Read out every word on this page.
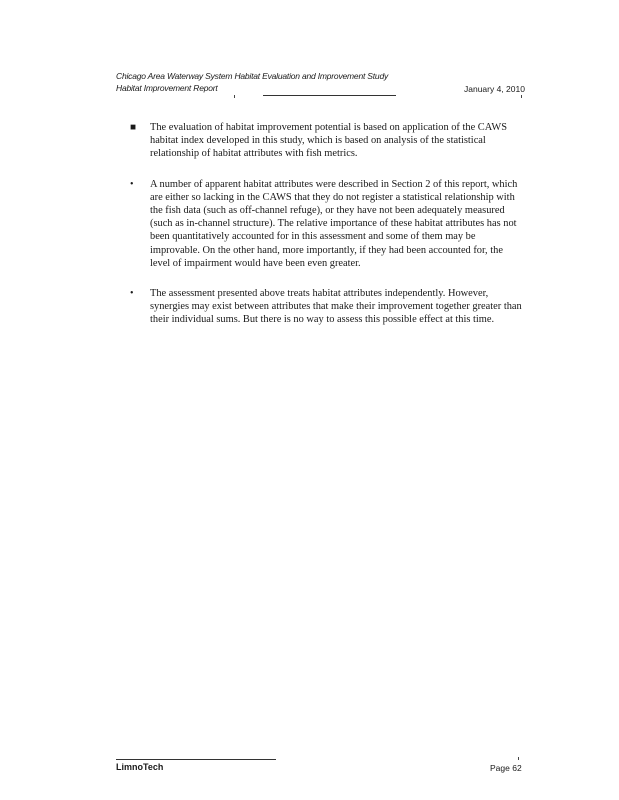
Chicago Area Waterway System Habitat Evaluation and Improvement Study
Habitat Improvement Report	January 4, 2010
■ The evaluation of habitat improvement potential is based on application of the CAWS habitat index developed in this study, which is based on analysis of the statistical relationship of habitat attributes with fish metrics.
• A number of apparent habitat attributes were described in Section 2 of this report, which are either so lacking in the CAWS that they do not register a statistical relationship with the fish data (such as off-channel refuge), or they have not been adequately measured (such as in-channel structure). The relative importance of these habitat attributes has not been quantitatively accounted for in this assessment and some of them may be improvable. On the other hand, more importantly, if they had been accounted for, the level of impairment would have been even greater.
• The assessment presented above treats habitat attributes independently. However, synergies may exist between attributes that make their improvement together greater than their individual sums. But there is no way to assess this possible effect at this time.
LimnoTech	Page 62
